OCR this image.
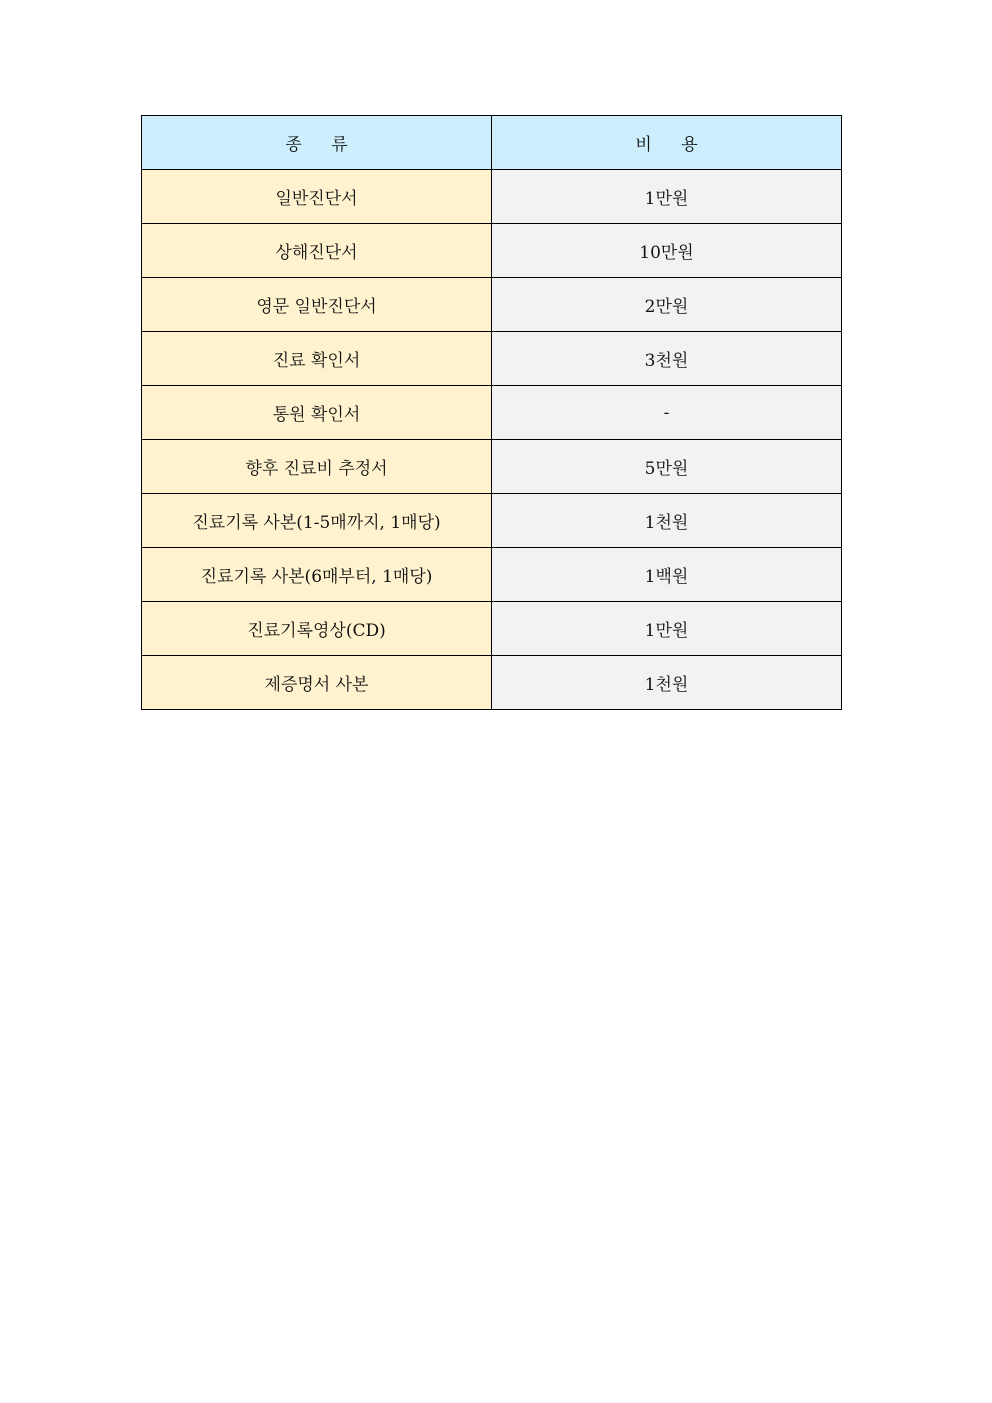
종 류	비 용
일반진단서	1만원
상해진단서	10만원
영문 일반진단서	2만원
진료 확인서	3천원
통원 확인서	-
향후 진료비 추정서	5만원
진료기록 사본(1-5매까지, 1매당)	1천원
진료기록 사본(6매부터, 1매당)	1백원
진료기록영상(CD)	1만원
제증명서 사본	1천원
